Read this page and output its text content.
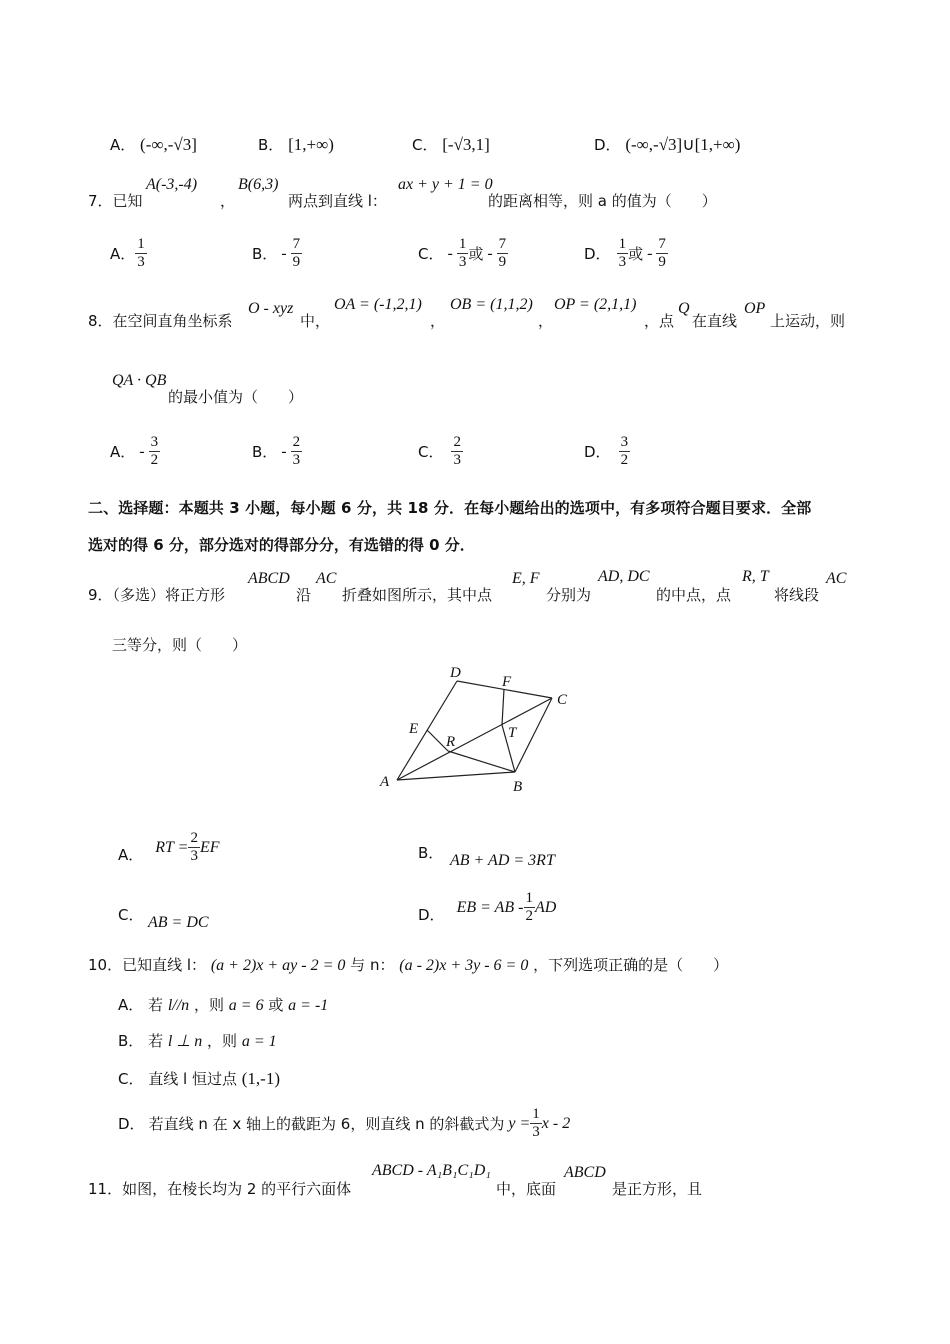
A． (-∞,-√3]	B． [1,+∞)	C． [-√3,1]	D． (-∞,-√3]∪[1,+∞)
7．已知
A(-3,-4)
，
B(6,3)
两点到直线 l：
ax + y + 1 = 0
的距离相等，则 a 的值为（　　）
A． $\frac{1}{3}$	B． - $\frac{7}{9}$	C． - $\frac{1}{3}$ 或 - $\frac{7}{9}$	D． $\frac{1}{3}$ 或 - $\frac{7}{9}$
8．在空间直角坐标系
O - xyz
中，
OA = (-1,2,1)
，
OB = (1,1,2)
，
OP = (2,1,1)
，点
Q
在直线
OP
上运动，则
QA · QB
的最小值为（　　）
A． - $\frac{3}{2}$	B． - $\frac{2}{3}$	C． $\frac{2}{3}$	D． $\frac{3}{2}$
二、选择题：本题共 3 小题，每小题 6 分，共 18 分．在每小题给出的选项中，有多项符合题目要求．全部
选对的得 6 分，部分选对的得部分分，有选错的得 0 分．
9．（多选）将正方形
ABCD
沿
AC
折叠如图所示，其中点
E, F
分别为
AD, DC
的中点，点
R, T
将线段
AC
三等分，则（　　）
A	B
C
D
E
F
R
T
A． RT = $\frac{2}{3}$ EF	B． AB + AD = 3RT
C． AB = DC	D． EB = AB - $\frac{1}{2}$ AD
10．已知直线 l： (a + 2)x + ay - 2 = 0 与 n： (a - 2)x + 3y - 6 = 0 ，下列选项正确的是（　　）
A． 若 l//n ，则 a = 6 或 a = -1
B． 若 l ⊥ n ，则 a = 1
C． 直线 l 恒过点 (1,-1)
D． 若直线 n 在 x 轴上的截距为 6，则直线 n 的斜截式为 $y = \frac{1}{3}$ x - 2
11．如图，在棱长均为 2 的平行六面体
ABCD - A₁B₁C₁D₁
中，底面
ABCD
是正方形，且
